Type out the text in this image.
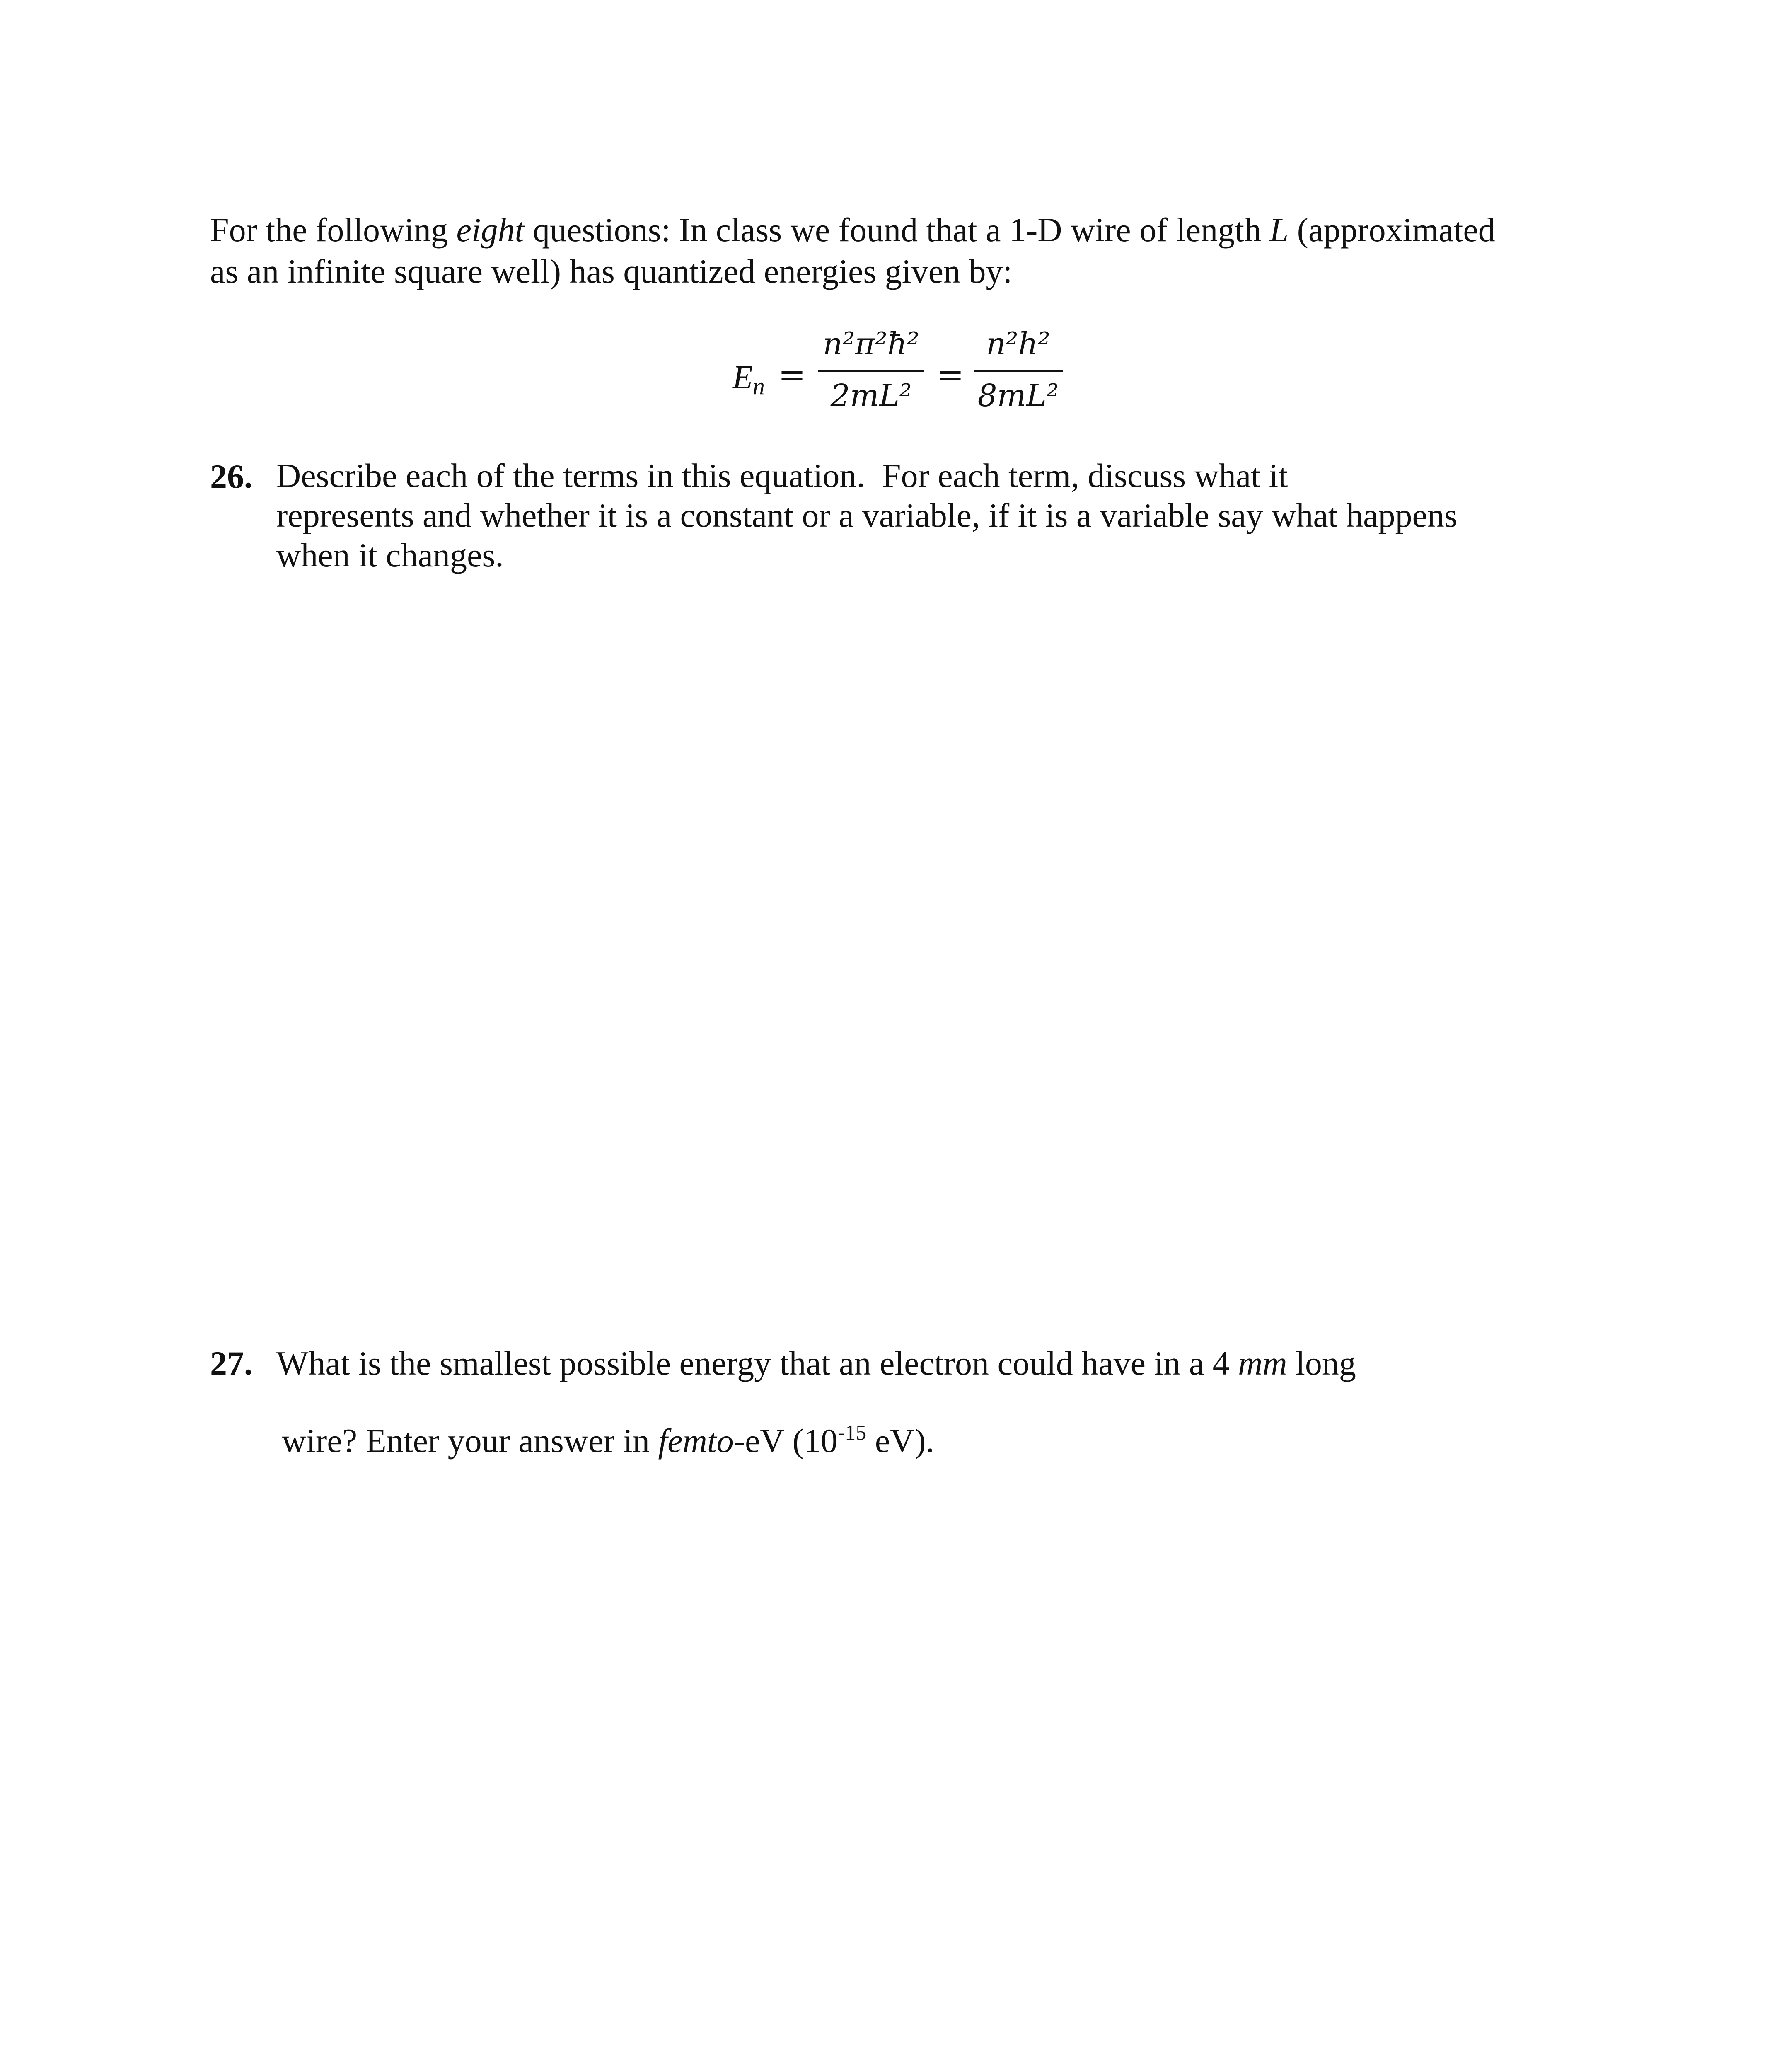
For the following eight questions: In class we found that a 1-D wire of length L (approximated
as an infinite square well) has quantized energies given by:
$E_n$ =
n²π²ħ²
2mL²
=
n²h²
8mL²
26. Describe each of the terms in this equation.  For each term, discuss what it
represents and whether it is a constant or a variable, if it is a variable say what happens
when it changes.
27. What is the smallest possible energy that an electron could have in a 4 mm long
wire? Enter your answer in femto-eV ($10^{-15}$ eV).
